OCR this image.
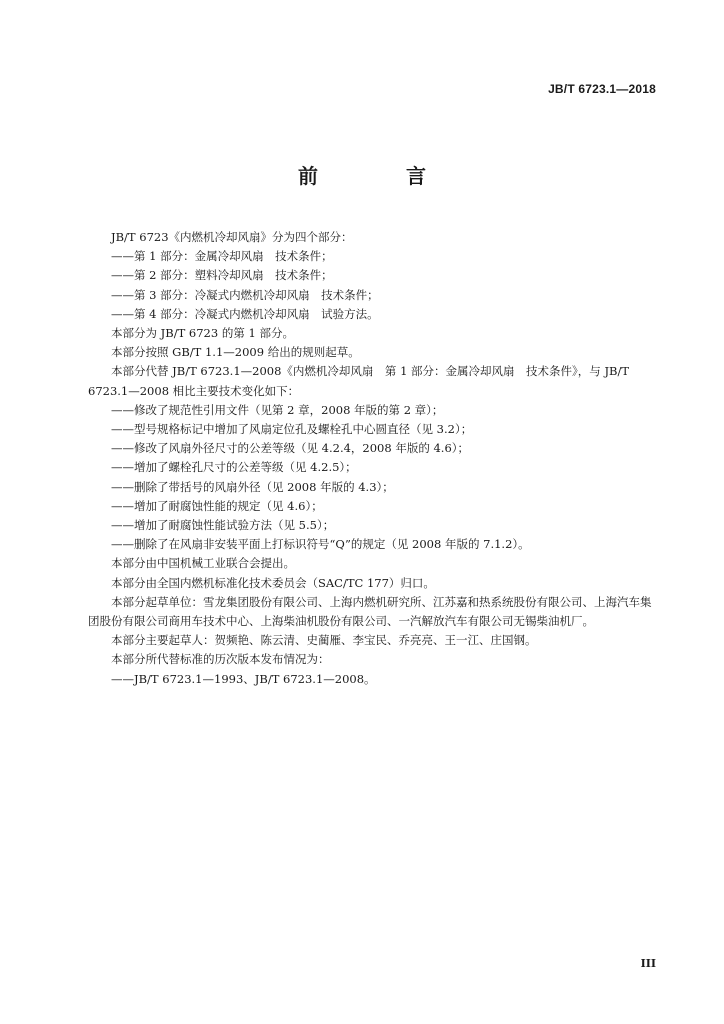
JB/T 6723.1—2018
前　言
JB/T 6723《内燃机冷却风扇》分为四个部分：
——第 1 部分：金属冷却风扇　技术条件；
——第 2 部分：塑料冷却风扇　技术条件；
——第 3 部分：冷凝式内燃机冷却风扇　技术条件；
——第 4 部分：冷凝式内燃机冷却风扇　试验方法。
本部分为 JB/T 6723 的第 1 部分。
本部分按照 GB/T 1.1—2009 给出的规则起草。
本部分代替 JB/T 6723.1—2008《内燃机冷却风扇　第 1 部分：金属冷却风扇　技术条件》，与 JB/T 6723.1—2008 相比主要技术变化如下：
——修改了规范性引用文件（见第 2 章，2008 年版的第 2 章）；
——型号规格标记中增加了风扇定位孔及螺栓孔中心圆直径（见 3.2）；
——修改了风扇外径尺寸的公差等级（见 4.2.4，2008 年版的 4.6）；
——增加了螺栓孔尺寸的公差等级（见 4.2.5）；
——删除了带括号的风扇外径（见 2008 年版的 4.3）；
——增加了耐腐蚀性能的规定（见 4.6）；
——增加了耐腐蚀性能试验方法（见 5.5）；
——删除了在风扇非安装平面上打标识符号“Q”的规定（见 2008 年版的 7.1.2）。
本部分由中国机械工业联合会提出。
本部分由全国内燃机标准化技术委员会（SAC/TC 177）归口。
本部分起草单位：雪龙集团股份有限公司、上海内燃机研究所、江苏嘉和热系统股份有限公司、上海汽车集团股份有限公司商用车技术中心、上海柴油机股份有限公司、一汽解放汽车有限公司无锡柴油机厂。
本部分主要起草人：贺频艳、陈云清、史蔺雁、李宝民、乔亮亮、王一江、庄国钢。
本部分所代替标准的历次版本发布情况为：
——JB/T 6723.1—1993、JB/T 6723.1—2008。
III
